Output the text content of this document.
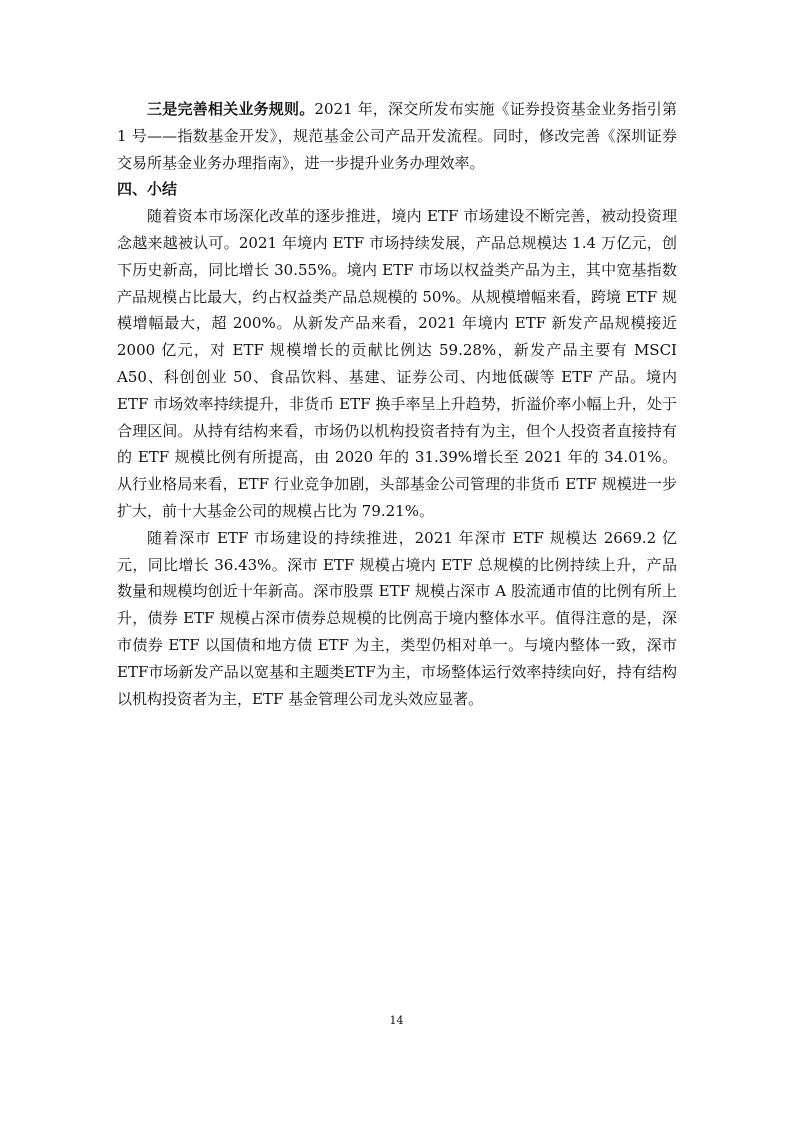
三是完善相关业务规则。2021 年，深交所发布实施《证券投资基金业务指引第 1 号——指数基金开发》，规范基金公司产品开发流程。同时，修改完善《深圳证券交易所基金业务办理指南》，进一步提升业务办理效率。

四、小结

随着资本市场深化改革的逐步推进，境内 ETF 市场建设不断完善，被动投资理念越来越被认可。2021 年境内 ETF 市场持续发展，产品总规模达 1.4 万亿元，创下历史新高，同比增长 30.55%。境内 ETF 市场以权益类产品为主，其中宽基指数产品规模占比最大，约占权益类产品总规模的 50%。从规模增幅来看，跨境 ETF 规模增幅最大，超 200%。从新发产品来看，2021 年境内 ETF 新发产品规模接近 2000 亿元，对 ETF 规模增长的贡献比例达 59.28%，新发产品主要有 MSCI A50、科创创业 50、食品饮料、基建、证券公司、内地低碳等 ETF 产品。境内 ETF 市场效率持续提升，非货币 ETF 换手率呈上升趋势，折溢价率小幅上升，处于合理区间。从持有结构来看，市场仍以机构投资者持有为主，但个人投资者直接持有的 ETF 规模比例有所提高，由 2020 年的 31.39%增长至 2021 年的 34.01%。从行业格局来看，ETF 行业竞争加剧，头部基金公司管理的非货币 ETF 规模进一步扩大，前十大基金公司的规模占比为 79.21%。

随着深市 ETF 市场建设的持续推进，2021 年深市 ETF 规模达 2669.2 亿元，同比增长 36.43%。深市 ETF 规模占境内 ETF 总规模的比例持续上升，产品数量和规模均创近十年新高。深市股票 ETF 规模占深市 A 股流通市值的比例有所上升，债券 ETF 规模占深市债券总规模的比例高于境内整体水平。值得注意的是，深市债券 ETF 以国债和地方债 ETF 为主，类型仍相对单一。与境内整体一致，深市ETF市场新发产品以宽基和主题类ETF为主，市场整体运行效率持续向好，持有结构以机构投资者为主，ETF 基金管理公司龙头效应显著。

14
